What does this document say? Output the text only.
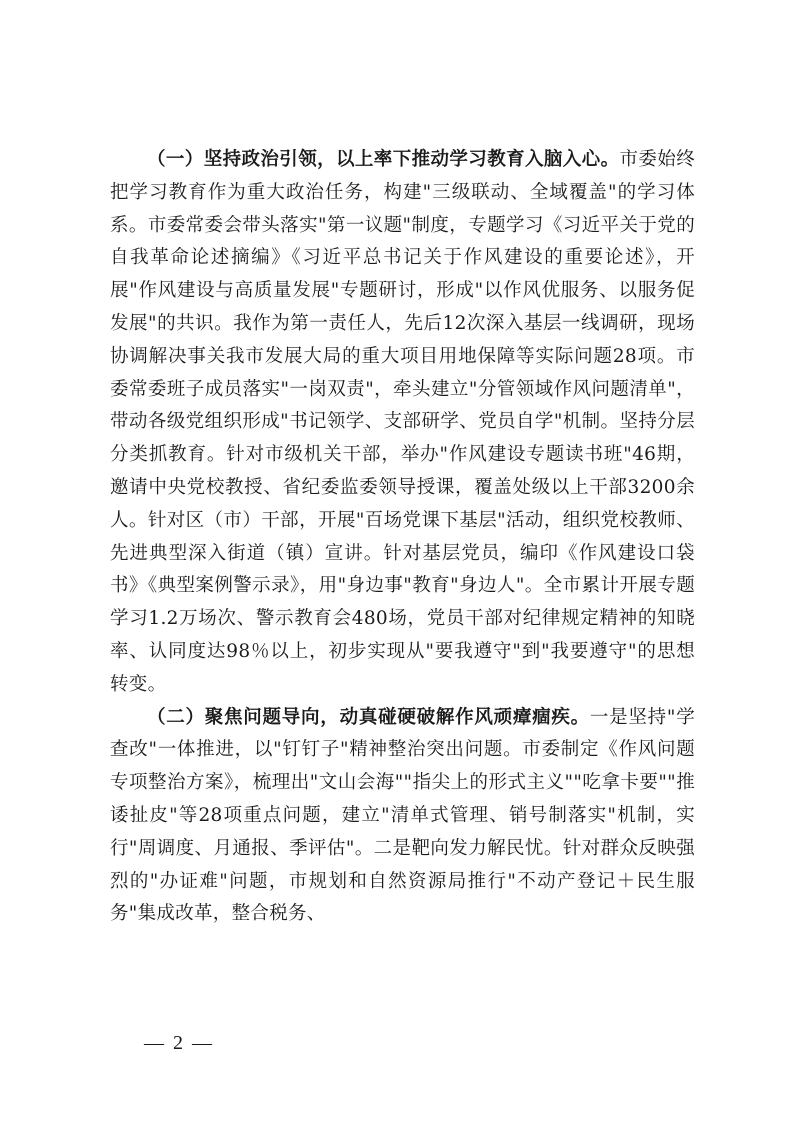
（一）坚持政治引领，以上率下推动学习教育入脑入心。市委始终把学习教育作为重大政治任务，构建"三级联动、全域覆盖"的学习体系。市委常委会带头落实"第一议题"制度，专题学习《习近平关于党的自我革命论述摘编》《习近平总书记关于作风建设的重要论述》，开展"作风建设与高质量发展"专题研讨，形成"以作风优服务、以服务促发展"的共识。我作为第一责任人，先后12次深入基层一线调研，现场协调解决事关我市发展大局的重大项目用地保障等实际问题28项。市委常委班子成员落实"一岗双责"，牵头建立"分管领域作风问题清单"，带动各级党组织形成"书记领学、支部研学、党员自学"机制。坚持分层分类抓教育。针对市级机关干部，举办"作风建设专题读书班"46期，邀请中央党校教授、省纪委监委领导授课，覆盖处级以上干部3200余人。针对区（市）干部，开展"百场党课下基层"活动，组织党校教师、先进典型深入街道（镇）宣讲。针对基层党员，编印《作风建设口袋书》《典型案例警示录》，用"身边事"教育"身边人"。全市累计开展专题学习1.2万场次、警示教育会480场，党员干部对纪律规定精神的知晓率、认同度达98％以上，初步实现从"要我遵守"到"我要遵守"的思想转变。

（二）聚焦问题导向，动真碰硬破解作风顽瘴痼疾。一是坚持"学查改"一体推进，以"钉钉子"精神整治突出问题。市委制定《作风问题专项整治方案》，梳理出"文山会海""指尖上的形式主义""吃拿卡要""推诿扯皮"等28项重点问题，建立"清单式管理、销号制落实"机制，实行"周调度、月通报、季评估"。二是靶向发力解民忧。针对群众反映强烈的"办证难"问题，市规划和自然资源局推行"不动产登记＋民生服务"集成改革，整合税务、

— 2 —
